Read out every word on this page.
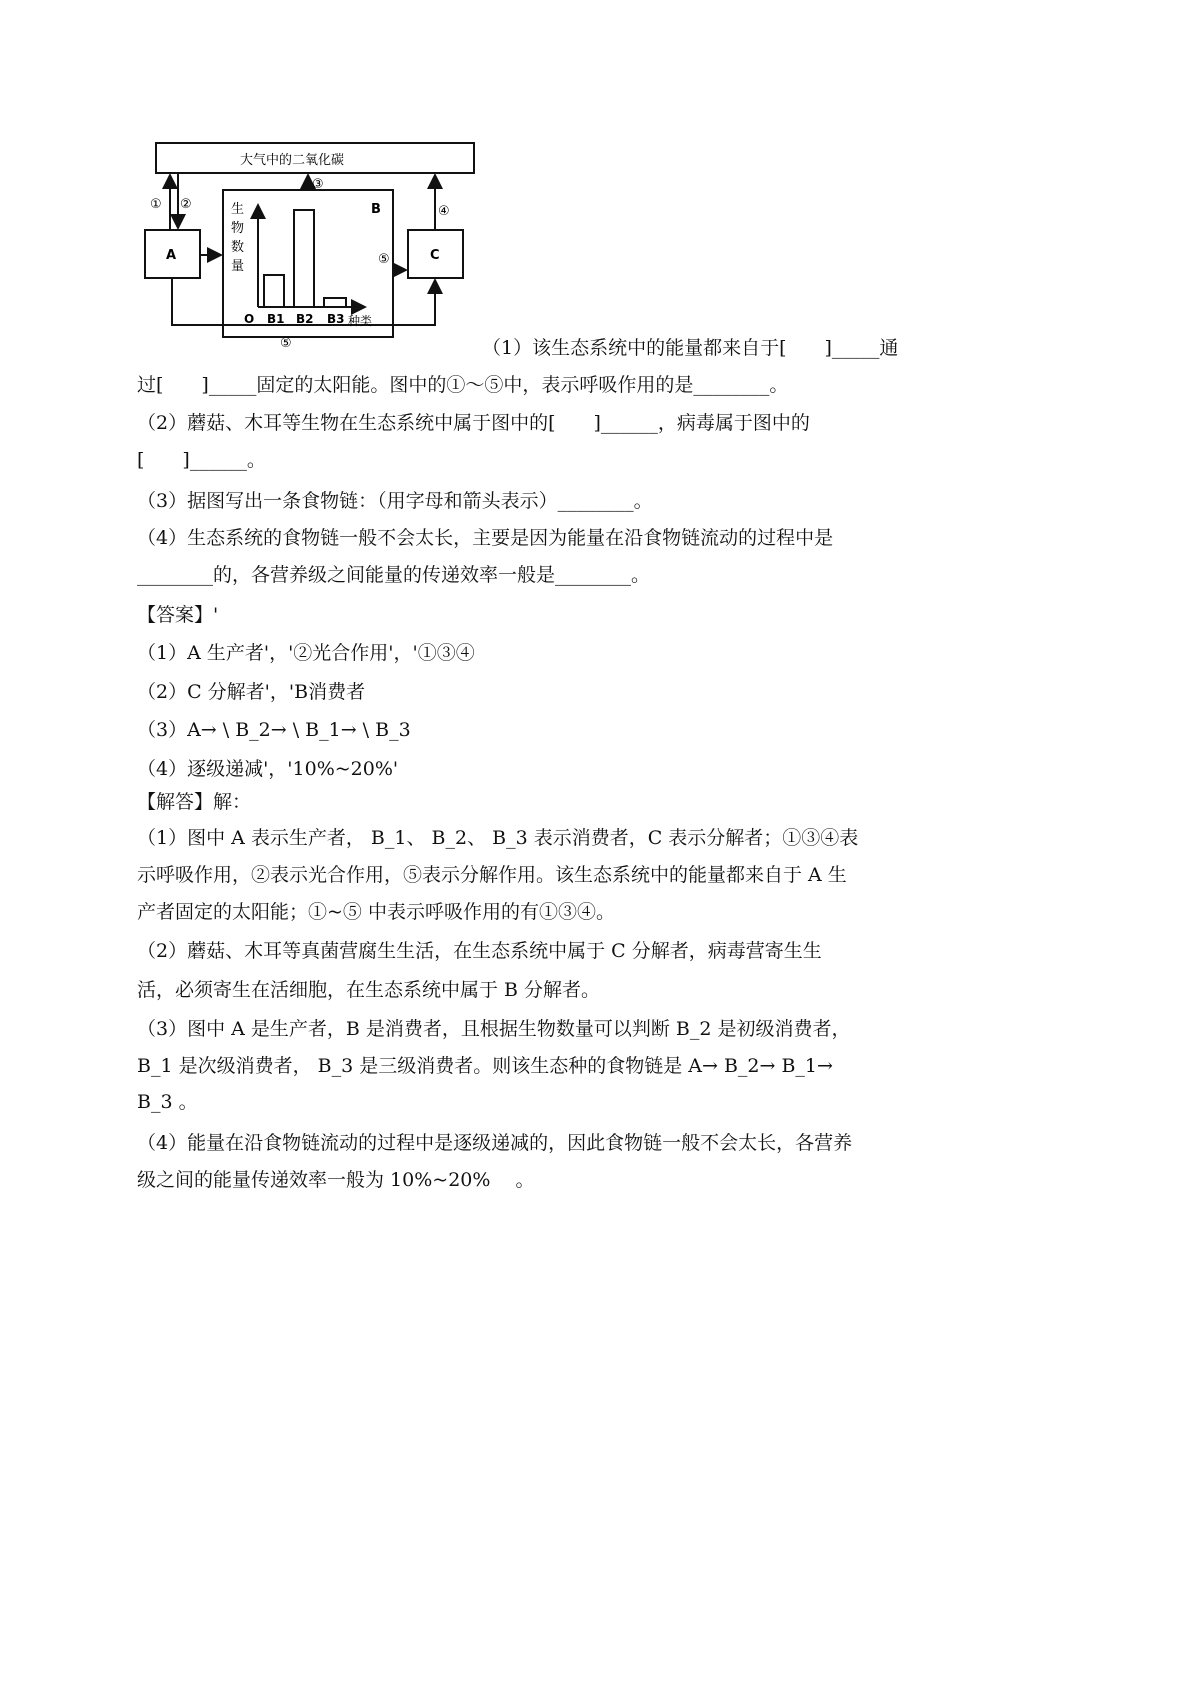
大气中的二氧化碳
A	C
B
生
物
数
量
O B1 B2 B3 种类
① ②
③
④
⑤
⑤	（1）该生态系统中的能量都来自于[　　]_____通
过[　　]_____固定的太阳能。图中的①～⑤中，表示呼吸作用的是________。
（2）蘑菇、木耳等生物在生态系统中属于图中的[　　]______，病毒属于图中的
[　　]______。
（3）据图写出一条食物链：（用字母和箭头表示）________。
（4）生态系统的食物链一般不会太长，主要是因为能量在沿食物链流动的过程中是
________的，各营养级之间能量的传递效率一般是________。
【答案】'
（1）A 生产者'，'②光合作用'，'①③④
（2）C 分解者'，'B消费者
（3）A→ \ B_2→ \ B_1→ \ B_3
（4）逐级递减'，'10%~20%'
【解答】解：
（1）图中 A 表示生产者， B_1、 B_2、 B_3 表示消费者，C 表示分解者；①③④表
示呼吸作用，②表示光合作用，⑤表示分解作用。该生态系统中的能量都来自于 A 生
产者固定的太阳能；①~⑤ 中表示呼吸作用的有①③④。
（2）蘑菇、木耳等真菌营腐生生活，在生态系统中属于 C 分解者，病毒营寄生生
活，必须寄生在活细胞，在生态系统中属于 B 分解者。
（3）图中 A 是生产者，B 是消费者，且根据生物数量可以判断 B_2 是初级消费者，
B_1 是次级消费者， B_3 是三级消费者。则该生态种的食物链是 A→ B_2→ B_1→
B_3 。
（4）能量在沿食物链流动的过程中是逐级递减的，因此食物链一般不会太长，各营养
级之间的能量传递效率一般为 10%~20%　 。
